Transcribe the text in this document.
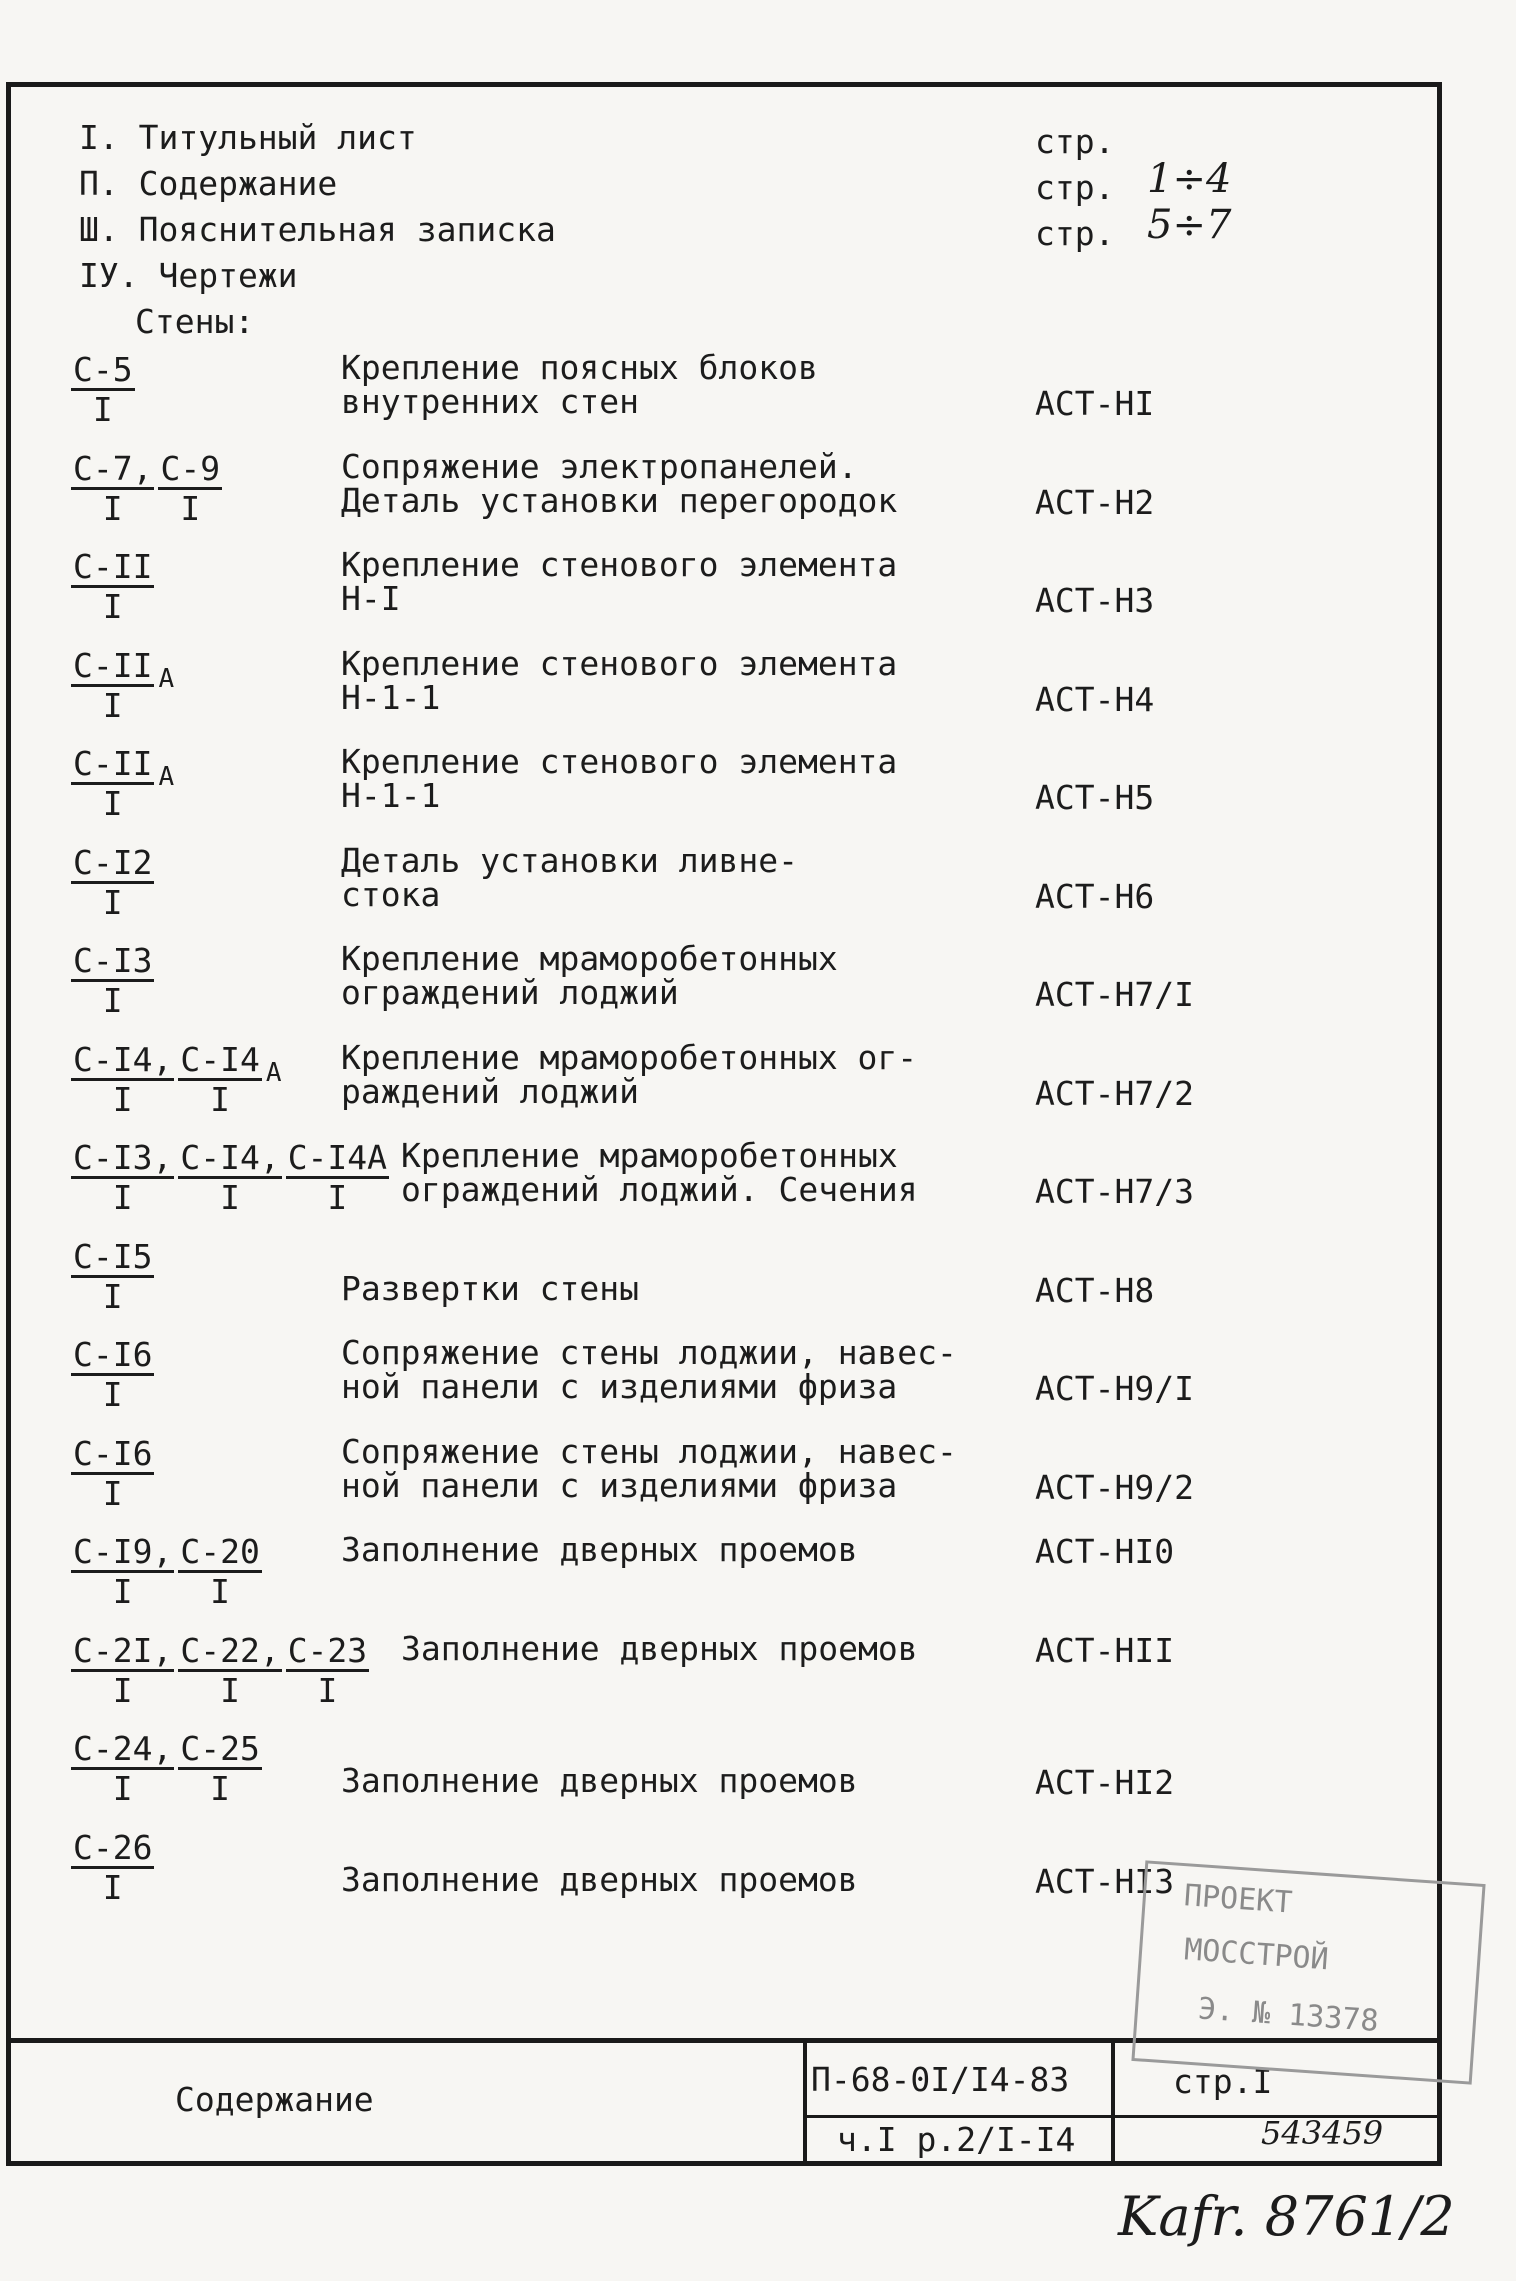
I. Титульный лист	стр.
П. Содержание	стр. 1÷4
Ш. Пояснительная записка	стр. 5÷7
IУ. Чертежи
Стены:
$\frac{С-5}{I}$	Крепление поясных блоков
внутренних стен	АСТ-НI
$\frac{С-7,}{I} \frac{С-9}{I}$	Сопряжение электропанелей.
Деталь установки перегородок	АСТ-Н2
$\frac{С-II}{I}$	Крепление стенового элемента
Н-I	АСТ-Н3
$\frac{С-II}{I} _А$	Крепление стенового элемента
Н-1-1	АСТ-Н4
$\frac{С-II}{I} _А$	Крепление стенового элемента
Н-1-1	АСТ-Н5
$\frac{С-I2}{I}$	Деталь установки ливне-
стока	АСТ-Н6
$\frac{С-I3}{I}$	Крепление мраморобетонных
ограждений лоджий	АСТ-Н7/I
$\frac{С-I4,}{I} \frac{С-I4}{I} _А$ Крепление мраморобетонных ог-
раждений лоджий	АСТ-Н7/2
$\frac{С-I3,}{I} \frac{С-I4,}{I} \frac{С-I4А}{I}$ Крепление мраморобетонных
ограждений лоджий. Сечения	АСТ-Н7/3
$\frac{С-I5}{I}$	Развертки стены	АСТ-Н8
$\frac{С-I6}{I}$	Сопряжение стены лоджии, навес-
ной панели с изделиями фриза	АСТ-Н9/I
$\frac{С-I6}{I}$	Сопряжение стены лоджии, навес-
ной панели с изделиями фриза	АСТ-Н9/2
$\frac{С-I9,}{I} \frac{С-20}{I}$ Заполнение дверных проемов	АСТ-НI0
$\frac{С-2I,}{I} \frac{С-22,}{I} \frac{С-23}{I}$ Заполнение дверных проемов	АСТ-НII
$\frac{С-24,}{I} \frac{С-25}{I}$ Заполнение дверных проемов	АСТ-НI2
$\frac{С-26}{I}$	Заполнение дверных проемов	АСТ-НI3
Содержание
П-68-0I/I4-83
ч.I р.2/I-I4
стр.I
543459
ПРОЕКТ
МОССТРОЙ
Э. № 13378
Kafr. 8761/2
